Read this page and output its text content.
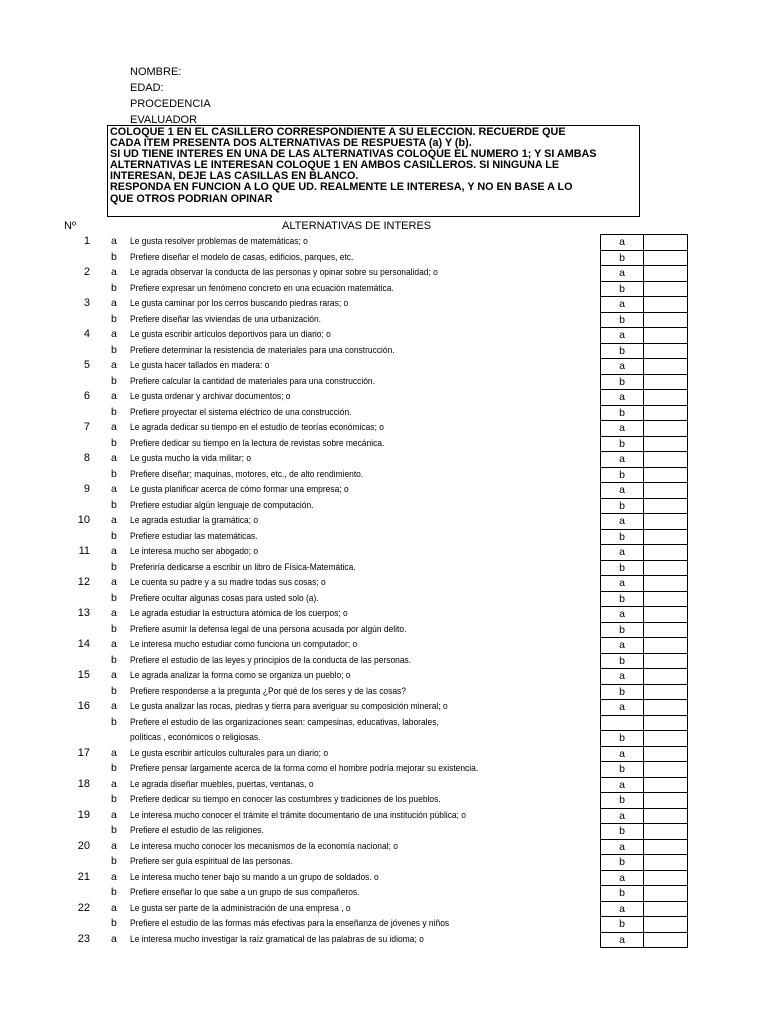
NOMBRE:
EDAD:
PROCEDENCIA
EVALUADOR
COLOQUE 1 EN EL CASILLERO CORRESPONDIENTE A SU ELECCION. RECUERDE QUE
CADA ITEM PRESENTA DOS ALTERNATIVAS DE RESPUESTA (a) Y (b).
SI UD TIENE INTERES EN UNA DE LAS ALTERNATIVAS COLOQUE EL NUMERO 1; Y SI AMBAS
ALTERNATIVAS LE INTERESAN COLOQUE 1 EN AMBOS CASILLEROS. SI NINGUNA LE
INTERESAN, DEJE LAS CASILLAS EN BLANCO.
RESPONDA EN FUNCION A LO QUE UD. REALMENTE LE INTERESA, Y NO EN BASE A LO
QUE OTROS PODRIAN OPINAR
Nº	ALTERNATIVAS DE INTERES
1 a Le gusta resolver problemas de matemáticas; o	a
b Prefiere diseñar el modelo de casas, edificios, parques, etc.	b
2 a Le agrada observar la conducta de las personas y opinar sobre su personalidad; o	a
b Prefiere expresar un fenómeno concreto en una ecuación matemática.	b
3 a Le gusta caminar por los cerros buscando piedras raras; o	a
b Prefiere diseñar las viviendas de una urbanización.	b
4 a Le gusta escribir artículos deportivos para un diario; o	a
b Prefiere determinar la resistencia de materiales para una construcción.	b
5 a Le gusta hacer tallados en madera: o	a
b Prefiere calcular la cantidad de materiales para una construcción.	b
6 a Le gusta ordenar y archivar documentos; o	a
b Prefiere proyectar el sistema eléctrico de una construcción.	b
7 a Le agrada dedicar su tiempo en el estudio de teorías económicas; o	a
b Prefiere dedicar su tiempo en la lectura de revistas sobre mecánica.	b
8 a Le gusta mucho la vida militar; o	a
b Prefiere diseñar; maquinas, motores, etc., de alto rendimiento.	b
9 a Le gusta planificar acerca de cómo formar una empresa; o	a
b Prefiere estudiar algún lenguaje de computación.	b
10 a Le agrada estudiar la gramática; o	a
b Prefiere estudiar las matemáticas.	b
11 a Le interesa mucho ser abogado; o	a
b Preferiría dedicarse a escribir un libro de Física-Matemática.	b
12 a Le cuenta su padre y a su madre todas sus cosas; o	a
b Prefiere ocultar algunas cosas para usted solo (a).	b
13 a Le agrada estudiar la estructura atómica de los cuerpos; o	a
b Prefiere asumir la defensa legal de una persona acusada por algún delito.	b
14 a Le interesa mucho estudiar como funciona un computador; o	a
b Prefiere el estudio de las leyes y principios de la conducta de las personas.	b
15 a Le agrada analizar la forma como se organiza un pueblo; o	a
b Prefiere responderse a la pregunta ¿Por qué de los seres y de las cosas?	b
16 a Le gusta analizar las rocas, piedras y tierra para averiguar su composición mineral; o	a
b Prefiere el estudio de las organizaciones sean: campesinas, educativas, laborales,
políticas , económicos o religiosas.	b
17 a Le gusta escribir artículos culturales para un diario; o	a
b Prefiere pensar largamente acerca de la forma como el hombre podría mejorar su existencia.	b
18 a Le agrada diseñar muebles, puertas, ventanas, o	a
b Prefiere dedicar su tiempo en conocer las costumbres y tradiciones de los pueblos.	b
19 a Le interesa mucho conocer el trámite el trámite documentario de una institución pública; o	a
b Prefiere el estudio de las religiones.	b
20 a Le interesa mucho conocer los mecanismos de la economía nacional; o	a
b Prefiere ser guía espiritual de las personas.	b
21 a Le interesa mucho tener bajo su mando a un grupo de soldados. o	a
b Prefiere enseñar lo que sabe a un grupo de sus compañeros.	b
22 a Le gusta ser parte de la administración de una empresa , o	a
b Prefiere el estudio de las formas más efectivas para la enseñanza de jóvenes y niños	b
23 a Le interesa mucho investigar la raíz gramatical de las palabras de su idioma; o	a
